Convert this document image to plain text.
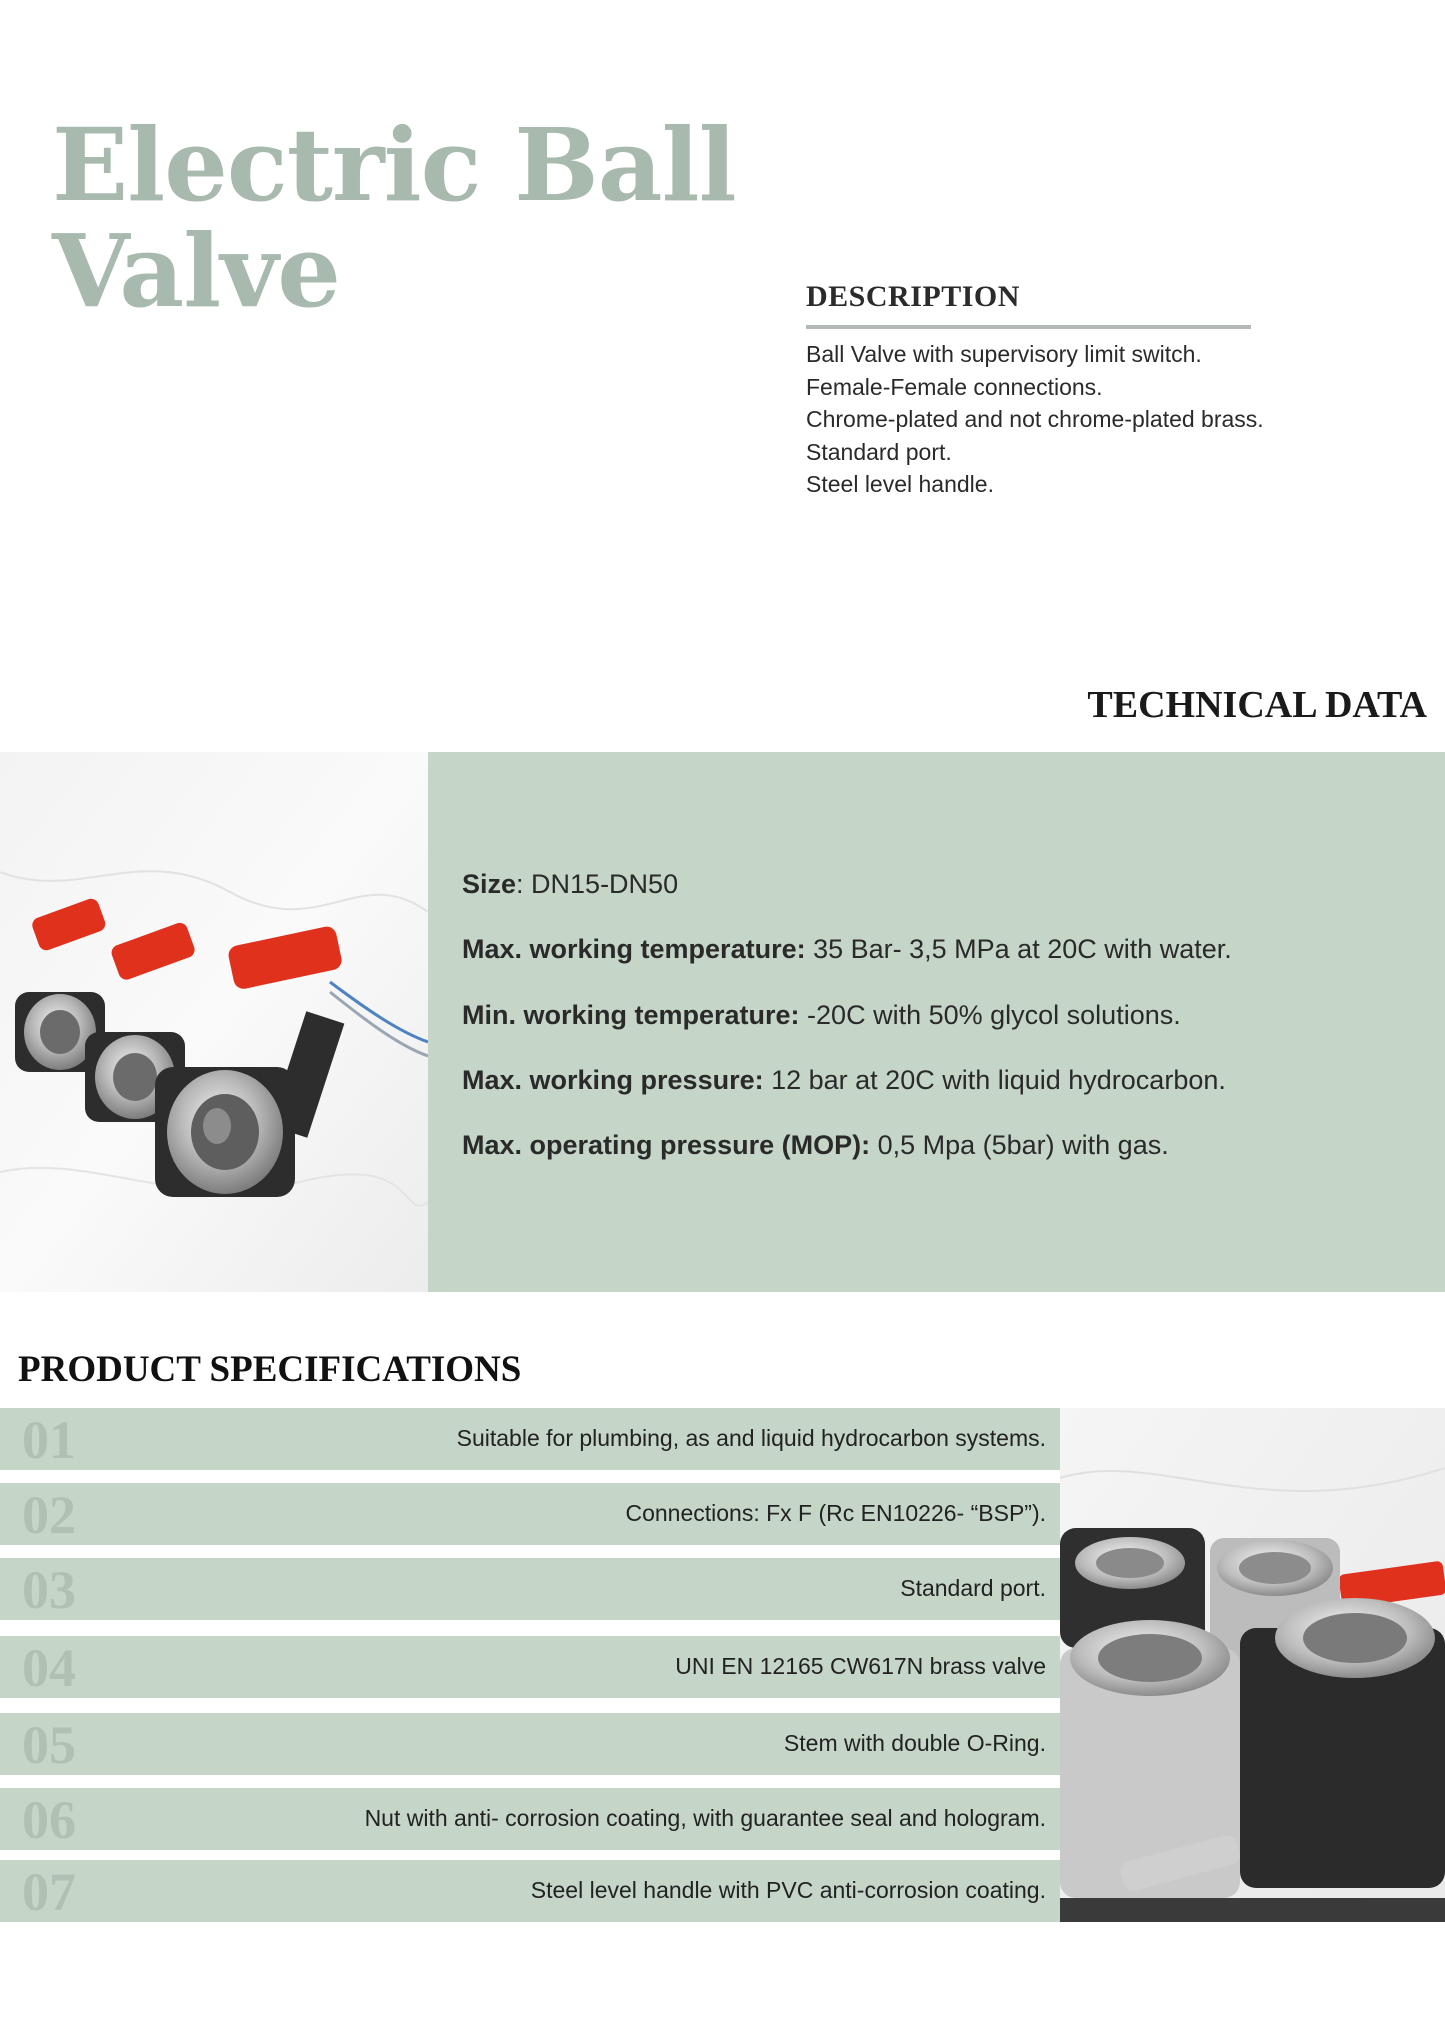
Electric Ball
Valve	DESCRIPTION
Ball Valve with supervisory limit switch.
Female-Female connections.
Chrome-plated and not chrome-plated brass.
Standard port.
Steel level handle.
TECHNICAL DATA
Size: DN15-DN50
Max. working temperature: 35 Bar- 3,5 MPa at 20C with water.
Min. working temperature: -20C with 50% glycol solutions.
Max. working pressure: 12 bar at 20C with liquid hydrocarbon.
Max. operating pressure (MOP): 0,5 Mpa (5bar) with gas.
PRODUCT SPECIFICATIONS
01	Suitable for plumbing, as and liquid hydrocarbon systems.
02	Connections: Fx F (Rc EN10226- “BSP”).
03	Standard port.
04	UNI EN 12165 CW617N brass valve
05	Stem with double O-Ring.
06	Nut with anti- corrosion coating, with guarantee seal and hologram.
07	Steel level handle with PVC anti-corrosion coating.
